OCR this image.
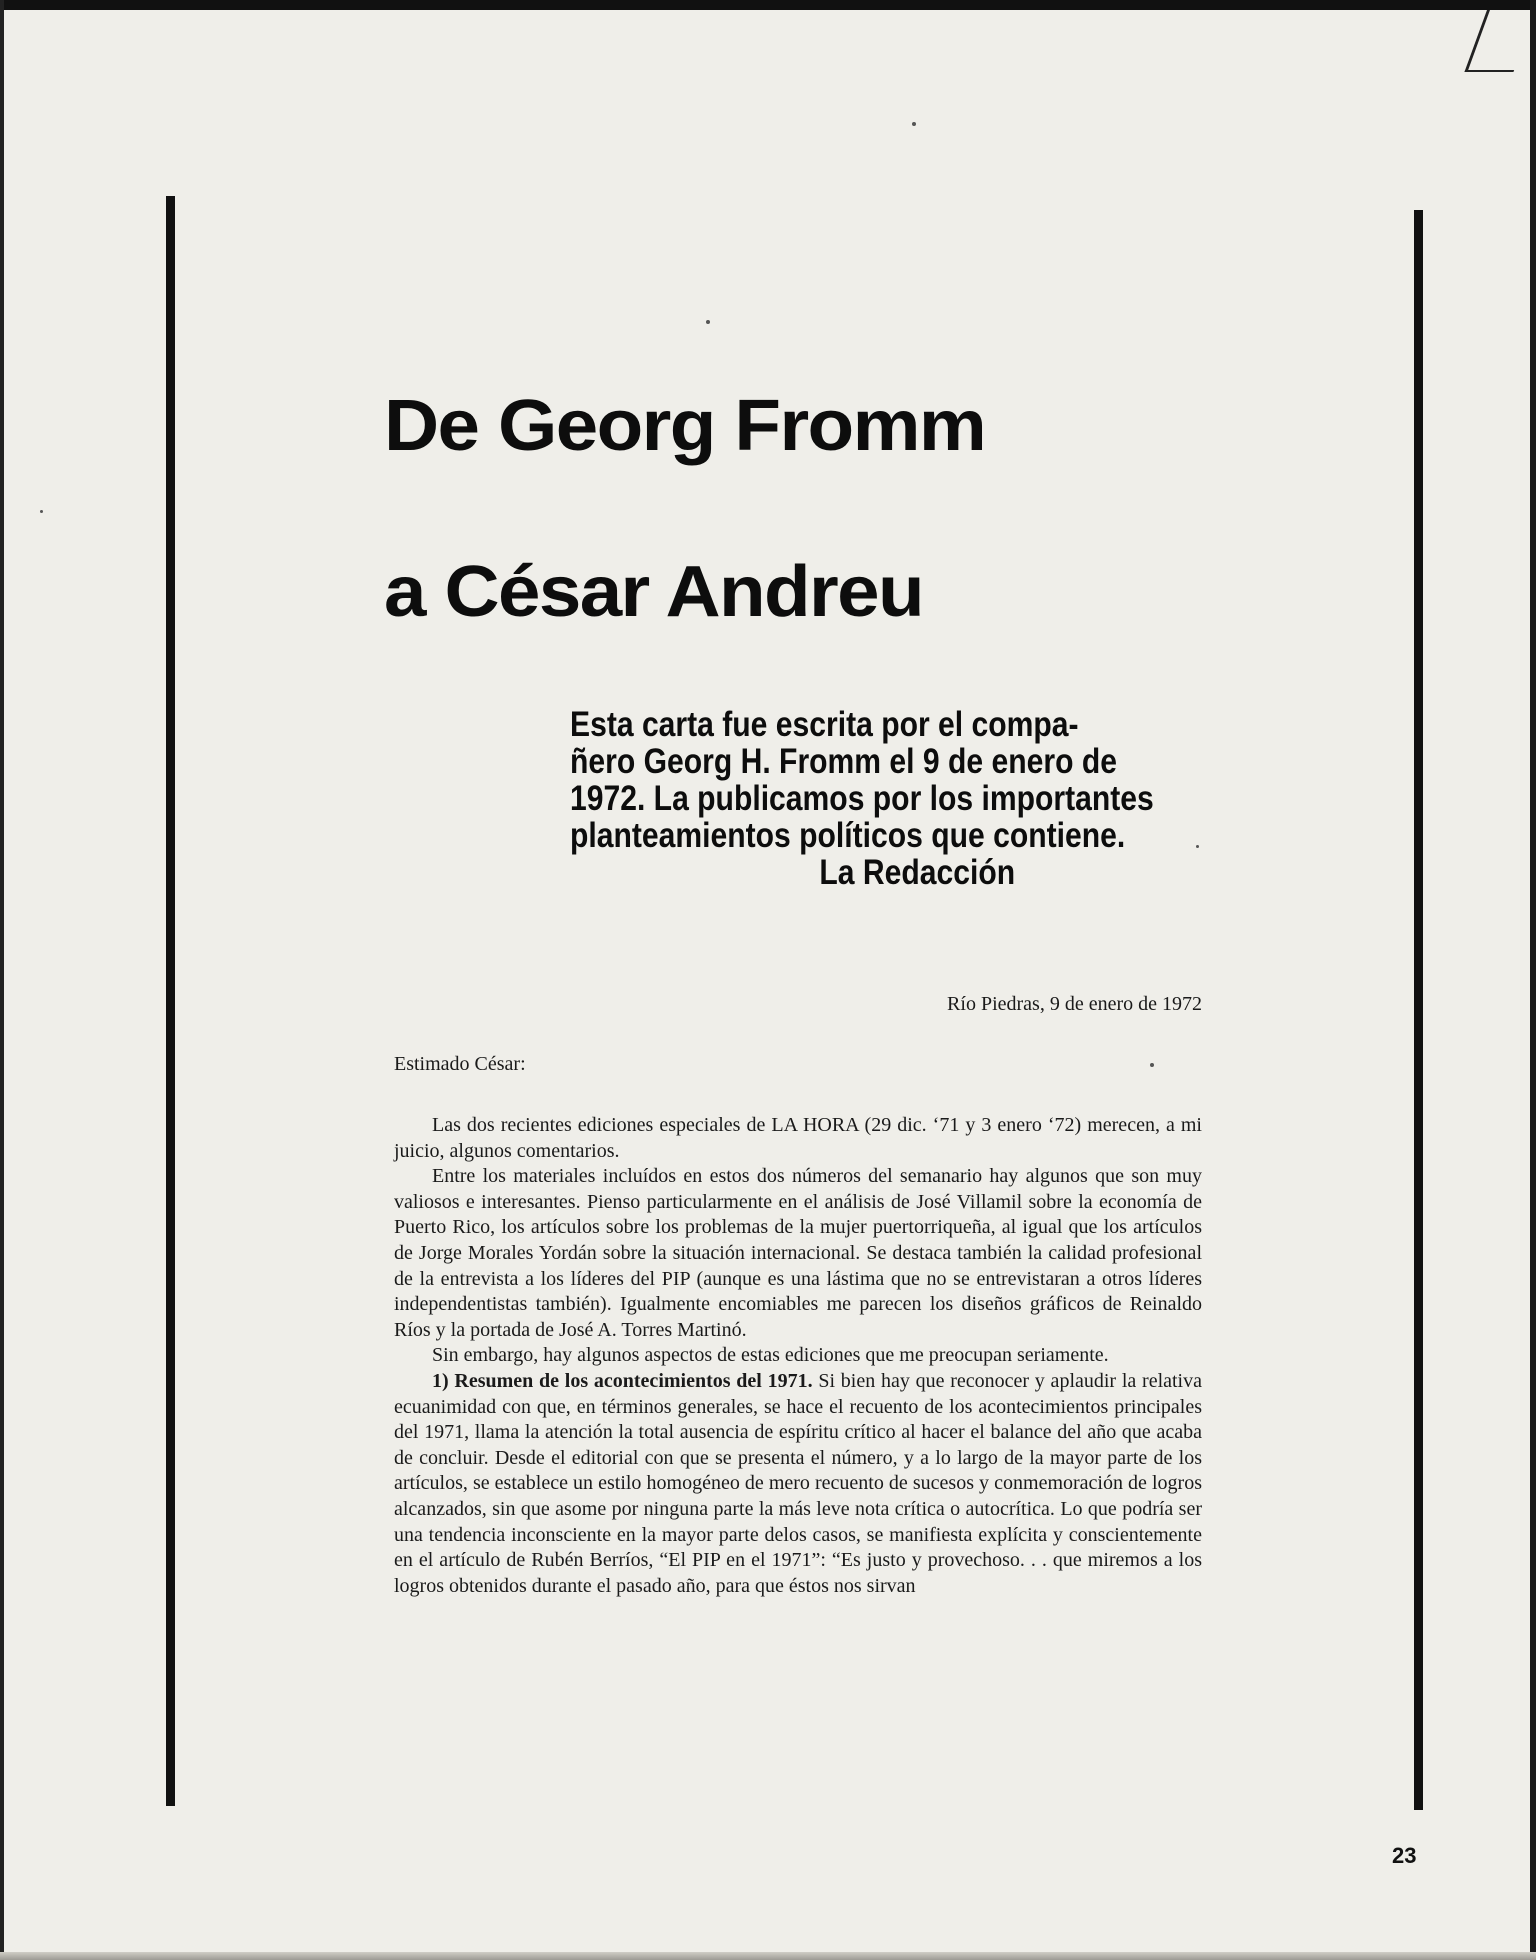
De Georg Fromm
a César Andreu
Esta carta fue escrita por el compa-
ñero Georg H. Fromm el 9 de enero de
1972. La publicamos por los importantes
planteamientos políticos que contiene.
La Redacción
Río Piedras, 9 de enero de 1972
Estimado César:

Las dos recientes ediciones especiales de LA HORA (29 dic. ‘71 y 3 enero ‘72) merecen, a mi juicio, algunos comentarios.

Entre los materiales incluídos en estos dos números del semanario hay algunos que son muy valiosos e interesantes. Pienso particularmente en el análisis de José Villamil sobre la economía de Puerto Rico, los artículos sobre los problemas de la mujer puertorriqueña, al igual que los artículos de Jorge Morales Yordán sobre la situación internacional. Se destaca también la calidad profesional de la entrevista a los líderes del PIP (aunque es una lástima que no se entrevistaran a otros líderes independentistas también). Igualmente encomiables me parecen los diseños gráficos de Reinaldo Ríos y la portada de José A. Torres Martinó.

Sin embargo, hay algunos aspectos de estas ediciones que me preocupan seriamente.

1) Resumen de los acontecimientos del 1971. Si bien hay que reconocer y aplaudir la relativa ecuanimidad con que, en términos generales, se hace el recuento de los acontecimientos principales del 1971, llama la atención la total ausencia de espíritu crítico al hacer el balance del año que acaba de concluir. Desde el editorial con que se presenta el número, y a lo largo de la mayor parte de los artículos, se establece un estilo homogéneo de mero recuento de sucesos y conmemoración de logros alcanzados, sin que asome por ninguna parte la más leve nota crítica o autocrítica. Lo que podría ser una tendencia inconsciente en la mayor parte delos casos, se manifiesta explícita y conscientemente en el artículo de Rubén Berríos, “El PIP en el 1971”: “Es justo y provechoso. . . que miremos a los logros obtenidos durante el pasado año, para que éstos nos sirvan

23
